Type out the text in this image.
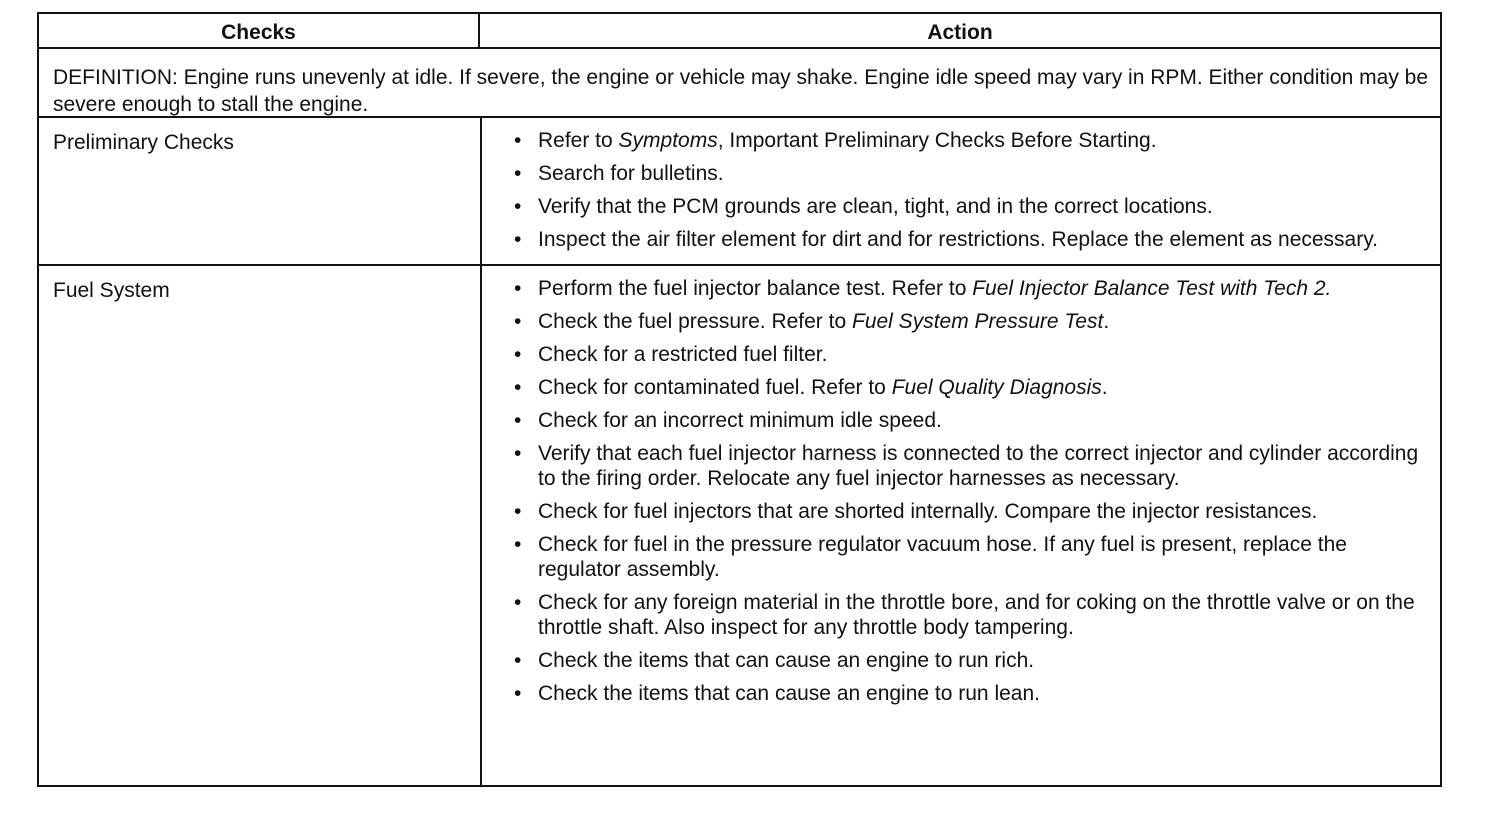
Checks	Action
DEFINITION: Engine runs unevenly at idle. If severe, the engine or vehicle may shake. Engine idle speed may vary in RPM. Either condition may be severe enough to stall the engine.
Preliminary Checks	• Refer to Symptoms, Important Preliminary Checks Before Starting.
• Search for bulletins.
• Verify that the PCM grounds are clean, tight, and in the correct locations.
• Inspect the air filter element for dirt and for restrictions. Replace the element as necessary.
Fuel System	• Perform the fuel injector balance test. Refer to Fuel Injector Balance Test with Tech 2.
• Check the fuel pressure. Refer to Fuel System Pressure Test.
• Check for a restricted fuel filter.
• Check for contaminated fuel. Refer to Fuel Quality Diagnosis.
• Check for an incorrect minimum idle speed.
• Verify that each fuel injector harness is connected to the correct injector and cylinder according to the firing order. Relocate any fuel injector harnesses as necessary.
• Check for fuel injectors that are shorted internally. Compare the injector resistances.
• Check for fuel in the pressure regulator vacuum hose. If any fuel is present, replace the regulator assembly.
• Check for any foreign material in the throttle bore, and for coking on the throttle valve or on the throttle shaft. Also inspect for any throttle body tampering.
• Check the items that can cause an engine to run rich.
• Check the items that can cause an engine to run lean.
